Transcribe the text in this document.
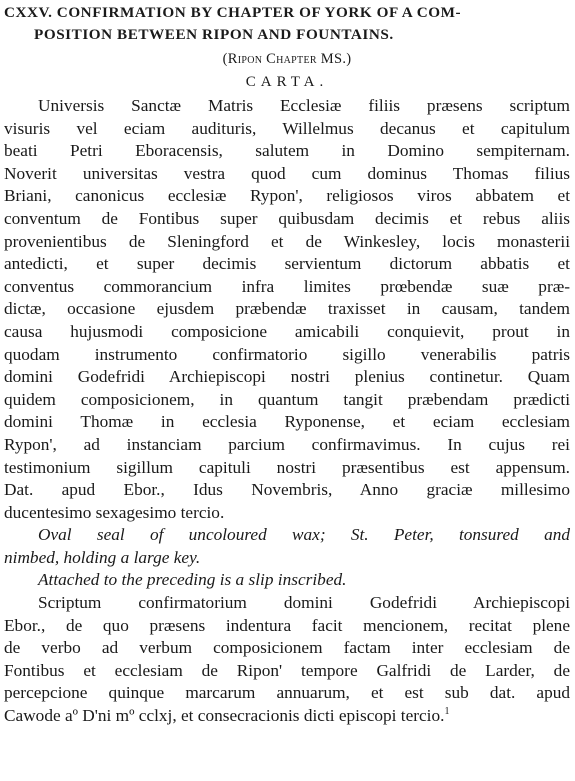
CXXV. CONFIRMATION BY CHAPTER OF YORK OF A COM-
POSITION BETWEEN RIPON AND FOUNTAINS.

(Ripon Chapter MS.)

CARTA.

Universis Sanctæ Matris Ecclesiæ filiis præsens scriptum
visuris vel eciam audituris, Willelmus decanus et capitulum
beati Petri Eboracensis, salutem in Domino sempiternam.
Noverit universitas vestra quod cum dominus Thomas filius
Briani, canonicus ecclesiæ Rypon', religiosos viros abbatem et
conventum de Fontibus super quibusdam decimis et rebus aliis
provenientibus de Sleningford et de Winkesley, locis monasterii
antedicti, et super decimis servientum dictorum abbatis et
conventus commorancium infra limites prœbendæ suæ præ-
dictæ, occasione ejusdem præbendæ traxisset in causam, tandem
causa hujusmodi composicione amicabili conquievit, prout in
quodam instrumento confirmatorio sigillo venerabilis patris
domini Godefridi Archiepiscopi nostri plenius continetur. Quam
quidem composicionem, in quantum tangit præbendam prædicti
domini Thomæ in ecclesia Ryponense, et eciam ecclesiam
Rypon', ad instanciam parcium confirmavimus. In cujus rei
testimonium sigillum capituli nostri præsentibus est appensum.
Dat. apud Ebor., Idus Novembris, Anno graciæ millesimo
ducentesimo sexagesimo tercio.
Oval seal of uncoloured wax; St. Peter, tonsured and
nimbed, holding a large key.
Attached to the preceding is a slip inscribed.
Scriptum confirmatorium domini Godefridi Archiepiscopi
Ebor., de quo præsens indentura facit mencionem, recitat plene
de verbo ad verbum composicionem factam inter ecclesiam de
Fontibus et ecclesiam de Ripon' tempore Galfridi de Larder, de
percepcione quinque marcarum annuarum, et est sub dat. apud
Cawode aº D'ni mº cclxj, et consecracionis dicti episcopi tercio.$^1$
